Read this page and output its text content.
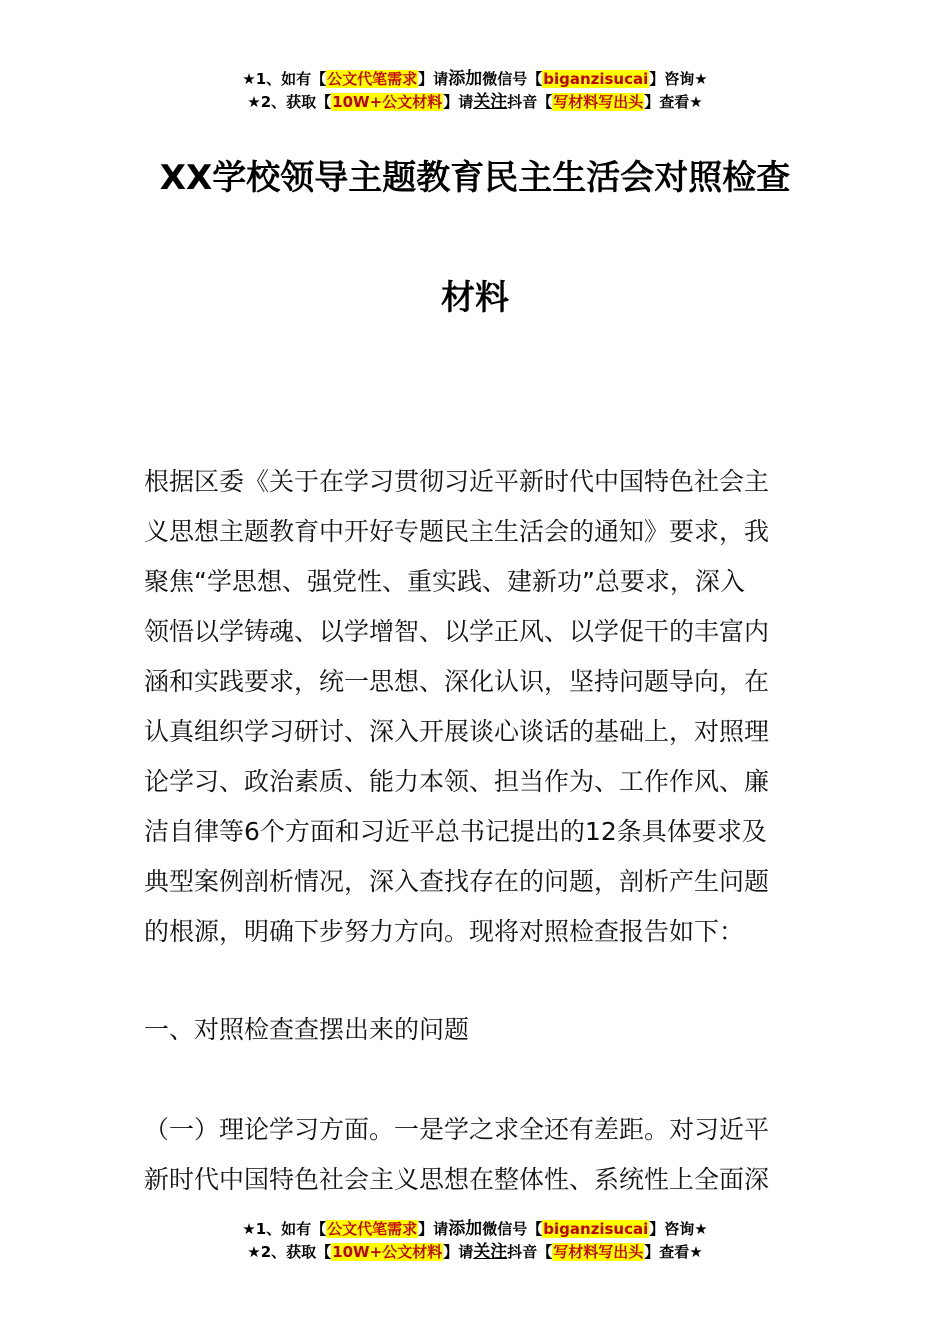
★1、如有【公文代笔需求】请添加微信号【biganzisucai】咨询★
★2、获取【10W+公文材料】请关注抖音【写材料写出头】查看★
XX学校领导主题教育民主生活会对照检查
材料
根据区委《关于在学习贯彻习近平新时代中国特色社会主
义思想主题教育中开好专题民主生活会的通知》要求，我
聚焦“学思想、强党性、重实践、建新功”总要求，深入
领悟以学铸魂、以学增智、以学正风、以学促干的丰富内
涵和实践要求，统一思想、深化认识，坚持问题导向，在
认真组织学习研讨、深入开展谈心谈话的基础上，对照理
论学习、政治素质、能力本领、担当作为、工作作风、廉
洁自律等6个方面和习近平总书记提出的12条具体要求及
典型案例剖析情况，深入查找存在的问题，剖析产生问题
的根源，明确下步努力方向。现将对照检查报告如下：
一、对照检查查摆出来的问题
（一）理论学习方面。一是学之求全还有差距。对习近平
新时代中国特色社会主义思想在整体性、系统性上全面深
★1、如有【公文代笔需求】请添加微信号【biganzisucai】咨询★
★2、获取【10W+公文材料】请关注抖音【写材料写出头】查看★
